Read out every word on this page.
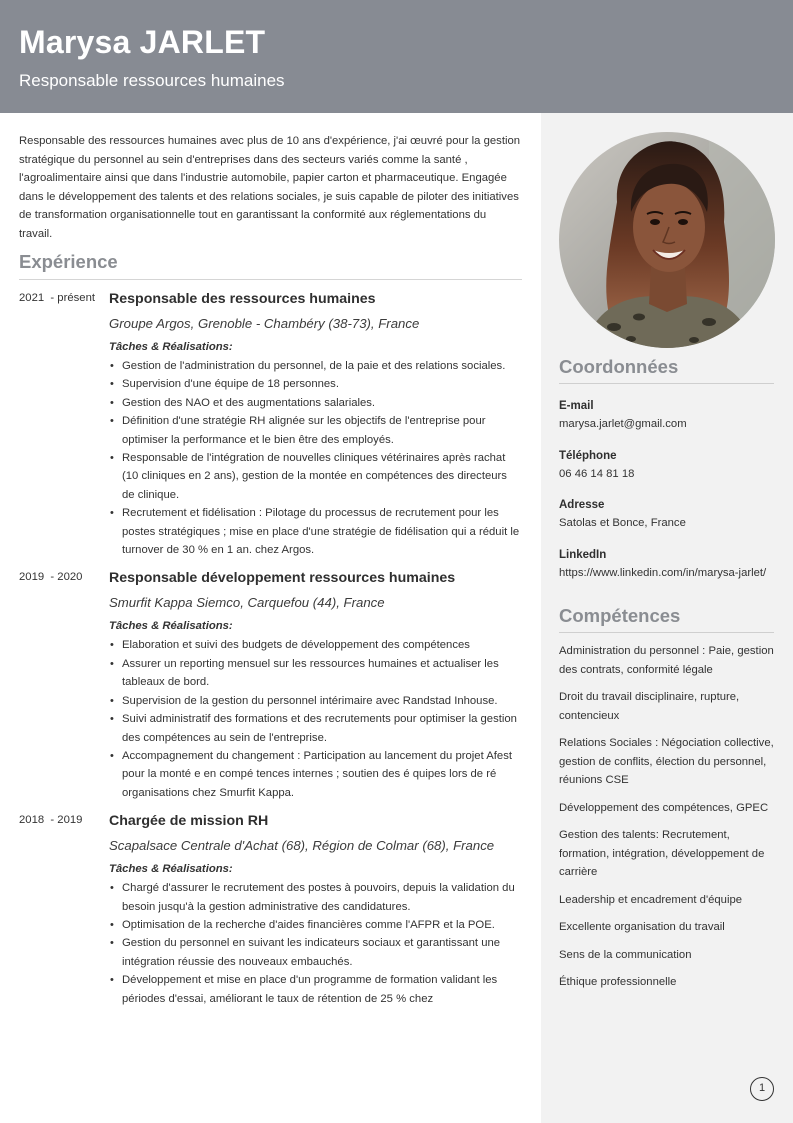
Marysa JARLET
Responsable ressources humaines

Responsable des ressources humaines avec plus de 10 ans d'expérience, j'ai œuvré pour la gestion stratégique du personnel au sein d'entreprises dans des secteurs variés comme la santé , l'agroalimentaire ainsi que dans l'industrie automobile, papier carton et pharmaceutique. Engagée dans le développement des talents et des relations sociales, je suis capable de piloter des initiatives de transformation organisationnelle tout en garantissant la conformité aux réglementations du travail.

Expérience
2021  - présent Responsable des ressources humaines
Groupe Argos, Grenoble - Chambéry (38-73), France
Tâches & Réalisations:
• Gestion de l'administration du personnel, de la paie et des relations sociales.
• Supervision d'une équipe de 18 personnes.
• Gestion des NAO et des augmentations salariales.
• Définition d'une stratégie RH alignée sur les objectifs de l'entreprise pour optimiser la performance et le bien être des employés.
• Responsable de l'intégration de nouvelles cliniques vétérinaires après rachat (10 cliniques en 2 ans), gestion de la montée en compétences des directeurs de clinique.
• Recrutement et fidélisation : Pilotage du processus de recrutement pour les postes stratégiques ; mise en place d'une stratégie de fidélisation qui a réduit le turnover de 30 % en 1 an. chez Argos.
2019  - 2020 Responsable développement ressources humaines
Smurfit Kappa Siemco, Carquefou (44), France
Tâches & Réalisations:
• Elaboration et suivi des budgets de développement des compétences
• Assurer un reporting mensuel sur les ressources humaines et actualiser les tableaux de bord.
• Supervision de la gestion du personnel intérimaire avec Randstad Inhouse.
• Suivi administratif des formations et des recrutements pour optimiser la gestion des compétences au sein de l'entreprise.
• Accompagnement du changement : Participation au lancement du projet Afest pour la monté e en compé tences internes ; soutien des é quipes lors de ré organisations chez Smurfit Kappa.
2018  - 2019 Chargée de mission RH
Scapalsace Centrale d'Achat (68), Région de Colmar (68), France
Tâches & Réalisations:
• Chargé d'assurer le recrutement des postes à pouvoirs, depuis la validation du besoin jusqu'à la gestion administrative des candidatures.
• Optimisation de la recherche d'aides financières comme l'AFPR et la POE.
• Gestion du personnel en suivant les indicateurs sociaux et garantissant une intégration réussie des nouveaux embauchés.
• Développement et mise en place d'un programme de formation validant les périodes d'essai, améliorant le taux de rétention de 25 % chez
Coordonnées
E-mail
marysa.jarlet@gmail.com
Téléphone
06 46 14 81 18
Adresse
Satolas et Bonce, France
LinkedIn
https://www.linkedin.com/in/marysa-jarlet/
Compétences
Administration du personnel : Paie, gestion des contrats, conformité légale
Droit du travail disciplinaire, rupture, contencieux
Relations Sociales : Négociation collective, gestion de conflits, élection du personnel, réunions CSE
Développement des compétences, GPEC
Gestion des talents: Recrutement, formation, intégration, développement de carrière
Leadership et encadrement d'équipe
Excellente organisation du travail
Sens de la communication
Éthique professionnelle
1
